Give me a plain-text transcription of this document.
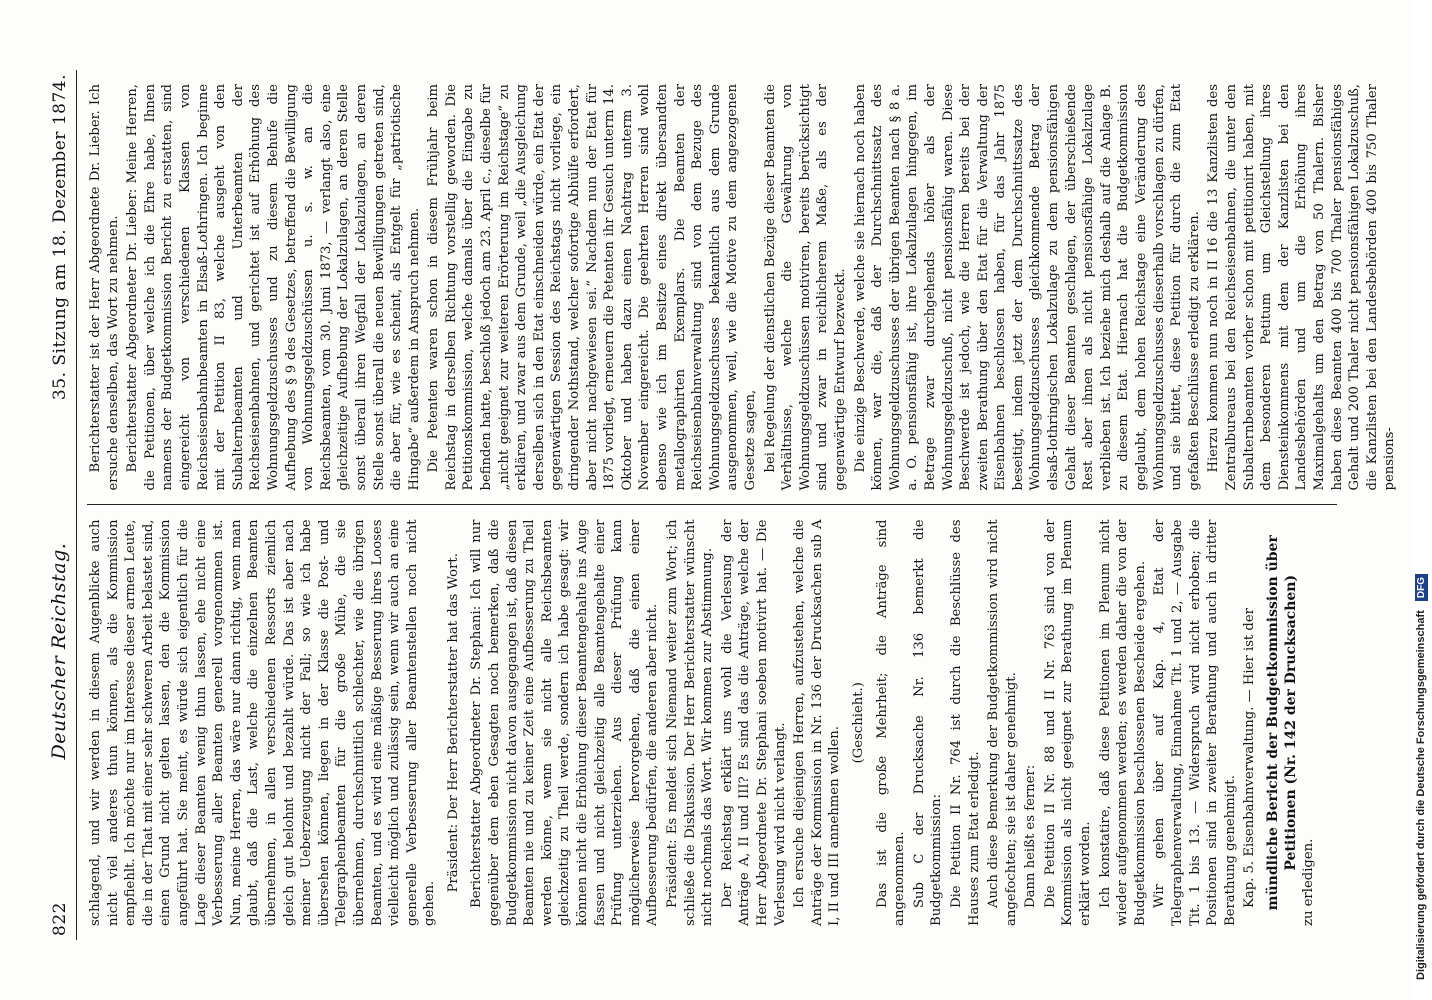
822
Deutscher Reichstag.
35. Sitzung am 18. Dezember 1874.

schlagend, und wir werden in diesem Augenblicke auch nicht viel anderes thun können, als die Kommission empfiehlt. Ich möchte nur im Interesse dieser armen Leute, die in der That mit einer sehr schweren Arbeit belastet sind, einen Grund nicht gelten lassen, den die Kommission angeführt hat. Sie meint, es würde sich eigentlich für die Lage dieser Beamten wenig thun lassen, ehe nicht eine Verbesserung aller Beamten generell vorgenommen ist. Nun, meine Herren, das wäre nur dann richtig, wenn man glaubt, daß die Last, welche die einzelnen Beamten übernehmen, in allen verschiedenen Ressorts ziemlich gleich gut belohnt und bezahlt würde. Das ist aber nach meiner Ueberzeugung nicht der Fall; so wie ich habe übersehen können, liegen in der Klasse die Post- und Telegraphenbeamten für die große Mühe, die sie übernehmen, durchschnittlich schlechter, wie die übrigen Beamten, und es wird eine mäßige Besserung ihres Looses vielleicht möglich und zulässig sein, wenn wir auch an eine generelle Verbesserung aller Beamtenstellen noch nicht gehen.

Präsident: Der Herr Berichterstatter hat das Wort. Berichterstatter Abgeordneter Dr. Stephani: Ich will nur gegenüber dem eben Gesagten noch bemerken, daß die Budgetkommission nicht davon ausgegangen ist, daß diesen Beamten nie und zu keiner Zeit eine Aufbesserung zu Theil werden könne, wenn sie nicht alle Reichsbeamten gleichzeitig zu Theil werde, sondern ich habe gesagt: wir können nicht die Erhöhung dieser Beamtengehalte ins Auge fassen und nicht gleichzeitig alle Beamtengehalte einer Prüfung unterziehen. Aus dieser Prüfung kann möglicherweise hervorgehen, daß die einen einer Aufbesserung bedürfen, die anderen aber nicht. Präsident: Es meldet sich Niemand weiter zum Wort; ich schließe die Diskussion. Der Herr Berichterstatter wünscht nicht nochmals das Wort. Wir kommen zur Abstimmung. Der Reichstag erklärt uns wohl die Verlesung der Anträge A, II und III? Es sind das die Anträge, welche der Herr Abgeordnete Dr. Stephani soeben motivirt hat. — Die Verlesung wird nicht verlangt. Ich ersuche diejenigen Herren, aufzustehen, welche die Anträge der Kommission in Nr. 136 der Drucksachen sub A I, II und III annehmen wollen.

(Geschieht.) Das ist die große Mehrheit; die Anträge sind angenommen. Sub C der Drucksache Nr. 136 bemerkt die Budgetkommission: Die Petition II Nr. 764 ist durch die Beschlüsse des Hauses zum Etat erledigt. Auch diese Bemerkung der Budgetkommission wird nicht angefochten; sie ist daher genehmigt. Dann heißt es ferner: Die Petition II Nr. 88 und II Nr. 763 sind von der Kommission als nicht geeignet zur Berathung im Plenum erklärt worden. Ich konstatire, daß diese Petitionen im Plenum nicht wieder aufgenommen werden; es werden daher die von der Budgetkommission beschlossenen Bescheide ergehen. Wir gehen über auf Kap. 4, Etat der Telegraphenverwaltung, Einnahme Tit. 1 und 2, — Ausgabe Tit. 1 bis 13. — Widerspruch wird nicht erhoben; die Positionen sind in zweiter Berathung und auch in dritter Berathung genehmigt. Kap. 5. Eisenbahnverwaltung. — Hier ist der mündliche Bericht der Budgetkommission über Petitionen (Nr. 142 der Drucksachen)

zu erledigen.

Berichterstatter ist der Herr Abgeordnete Dr. Lieber. Ich ersuche denselben, das Wort zu nehmen. Berichterstatter Abgeordneter Dr. Lieber: Meine Herren, die Petitionen, über welche ich die Ehre habe, Ihnen namens der Budgetkommission Bericht zu erstatten, sind eingereicht von verschiedenen Klassen von Reichseisenbahnbeamten in Elsaß-Lothringen. Ich beginne mit der Petition II 83, welche ausgeht von den Subalternbeamten und Unterbeamten der Reichseisenbahnen, und gerichtet ist auf Erhöhung des Wohnungsgeldzuschusses und zu diesem Behufe die Aufhebung des § 9 des Gesetzes, betreffend die Bewilligung von Wohnungsgeldzuschüssen u. s. w. an die Reichsbeamten, vom 30. Juni 1873, — verlangt also, eine gleichzeitige Aufhebung der Lokalzulagen, an deren Stelle sonst überall ihren Wegfall der Lokalzulagen, an deren Stelle sonst überall die neuen Bewilligungen getreten sind, die aber für, wie es scheint, als Entgelt für „patriotische Hingabe“ außerdem in Anspruch nehmen. Die Petenten waren schon in diesem Frühjahr beim Reichstag in derselben Richtung vorstellig geworden. Die Petitionskommission, welche damals über die Eingabe zu befinden hatte, beschloß jedoch am 23. April c., dieselbe für „nicht geeignet zur weiteren Erörterung im Reichstage“ zu erklären, und zwar aus dem Grunde, weil „die Ausgleichung derselben sich in den Etat einschneiden würde, ein Etat der gegenwärtigen Session des Reichstags nicht vorliege, ein dringender Nothstand, welcher sofortige Abhülfe erfordert, aber nicht nachgewiesen sei.“ Nachdem nun der Etat für 1875 vorliegt, erneuern die Petenten ihr Gesuch unterm 14. Oktober und haben dazu einen Nachtrag unterm 3. November eingereicht. Die geehrten Herren sind wohl ebenso wie ich im Besitze eines direkt übersandten metallographirten Exemplars. Die Beamten der Reichseisenbahnverwaltung sind von dem Bezuge des Wohnungsgeldzuschusses bekanntlich aus dem Grunde ausgenommen, weil, wie die Motive zu dem angezogenen Gesetze sagen, bei Regelung der dienstlichen Bezüge dieser Beamten die Verhältnisse, welche die Gewährung von Wohnungsgeldzuschüssen motiviren, bereits berücksichtigt sind und zwar in reichlicherem Maße, als es der gegenwärtige Entwurf bezweckt. Die einzige Beschwerde, welche sie hiernach noch haben können, war die, daß der Durchschnittssatz des Wohnungsgeldzuschusses der übrigen Beamten nach § 8 a. a. O. pensionsfähig ist, ihre Lokalzulagen hingegen, im Betrage zwar durchgehends höher als der Wohnungsgeldzuschuß, nicht pensionsfähig waren. Diese Beschwerde ist jedoch, wie die Herren bereits bei der zweiten Berathung über den Etat für die Verwaltung der Eisenbahnen beschlossen haben, für das Jahr 1875 beseitigt, indem jetzt der dem Durchschnittssatze des Wohnungsgeldzuschusses gleichkommende Betrag der elsaß-lothringischen Lokalzulage zu dem pensionsfähigen Gehalt dieser Beamten geschlagen, der überschießende Rest aber ihnen als nicht pensionsfähige Lokalzulage verblieben ist. Ich beziehe mich deshalb auf die Anlage B. zu diesem Etat. Hiernach hat die Budgetkommission geglaubt, dem hohen Reichstage eine Veränderung des Wohnungsgeldzuschusses dieserhalb vorschlagen zu dürfen, und sie bittet, diese Petition für durch die zum Etat gefaßten Beschlüsse erledigt zu erklären. Hierzu kommen nun noch in II 16 die 13 Kanzlisten des Zentralbureaus bei den Reichseisenbahnen, die unter den Subalternbeamten vorher schon mit petitionirt haben, mit dem besonderen Petitum um Gleichstellung ihres Diensteinkommens mit dem der Kanzlisten bei den Landesbehörden und um die Erhöhung ihres Maximalgehalts um den Betrag von 50 Thalern. Bisher haben diese Beamten 400 bis 700 Thaler pensionsfähiges Gehalt und 200 Thaler nicht pensionsfähigen Lokalzuschuß, die Kanzlisten bei den Landesbehörden 400 bis 750 Thaler pensions-

Digitalisierung gefördert durch die Deutsche Forschungsgemeinschaft DFG
